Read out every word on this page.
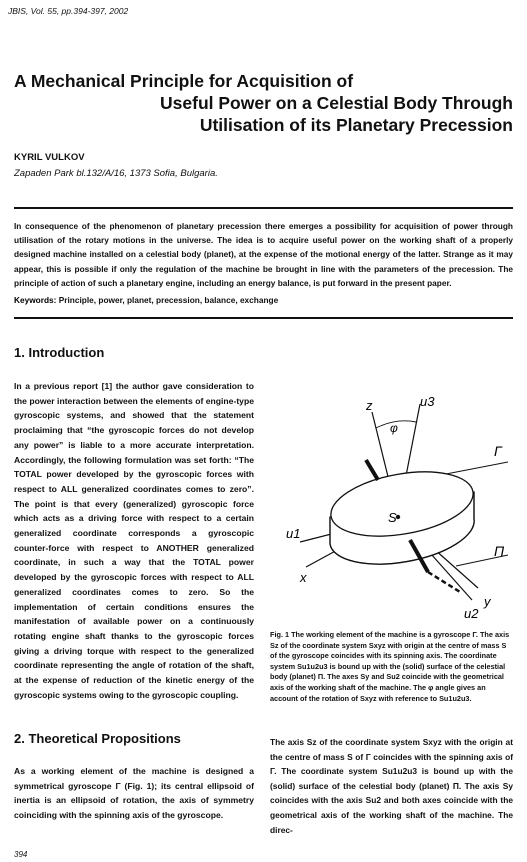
JBIS, Vol. 55, pp.394-397, 2002
A Mechanical Principle for Acquisition of
Useful Power on a Celestial Body Through
Utilisation of its Planetary Precession
KYRIL VULKOV
Zapaden Park bl.132/A/16, 1373 Sofia, Bulgaria.
In consequence of the phenomenon of planetary precession there emerges a possibility for acquisition of power through utilisation of the rotary motions in the universe. The idea is to acquire useful power on the working shaft of a properly designed machine installed on a celestial body (planet), at the expense of the motional energy of the latter. Strange as it may appear, this is possible if only the regulation of the machine be brought in line with the parameters of the precession. The principle of action of such a planetary engine, including an energy balance, is put forward in the present paper.
Keywords: Principle, power, planet, precession, balance, exchange
1. Introduction
In a previous report [1] the author gave consideration to the power interaction between the elements of engine-type gyroscopic systems, and showed that the statement proclaiming that “the gyroscopic forces do not develop any power” is liable to a more accurate interpretation. Accordingly, the following formulation was set forth: “The TOTAL power developed by the gyroscopic forces with respect to ALL generalized coordinates comes to zero”. The point is that every (generalized) gyroscopic force which acts as a driving force with respect to a certain generalized coordinate corresponds a gyroscopic counter-force with respect to ANOTHER generalized coordinate, in such a way that the TOTAL power developed by the gyroscopic forces with respect to ALL generalized coordinates comes to zero. So the implementation of certain conditions ensures the manifestation of available power on a continuously rotating engine shaft thanks to the gyroscopic forces giving a driving torque with respect to the generalized coordinate representing the angle of rotation of the shaft, at the expense of reduction of the kinetic energy of the gyroscopic systems owing to the gyroscopic coupling.
2. Theoretical Propositions
As a working element of the machine is designed a symmetrical gyroscope Γ (Fig. 1); its central ellipsoid of inertia is an ellipsoid of rotation, the axis of symmetry coinciding with the spinning axis of the gyroscope.
z	u3
φ
Γ
S
u1
x
Π
u2
y
Fig. 1 The working element of the machine is a gyroscope Γ. The axis Sz of the coordinate system Sxyz with origin at the centre of mass S of the gyroscope coincides with its spinning axis. The coordinate system Su1u2u3 is bound up with the (solid) surface of the celestial body (planet) Π. The axes Sy and Su2 coincide with the geometrical axis of the working shaft of the machine. The φ angle gives an account of the rotation of Sxyz with reference to Su1u2u3.
The axis Sz of the coordinate system Sxyz with the origin at the centre of mass S of Γ coincides with the spinning axis of Γ. The coordinate system Su1u2u3 is bound up with the (solid) surface of the celestial body (planet) Π. The axis Sy coincides with the axis Su2 and both axes coincide with the geometrical axis of the working shaft of the machine. The direc-
394
